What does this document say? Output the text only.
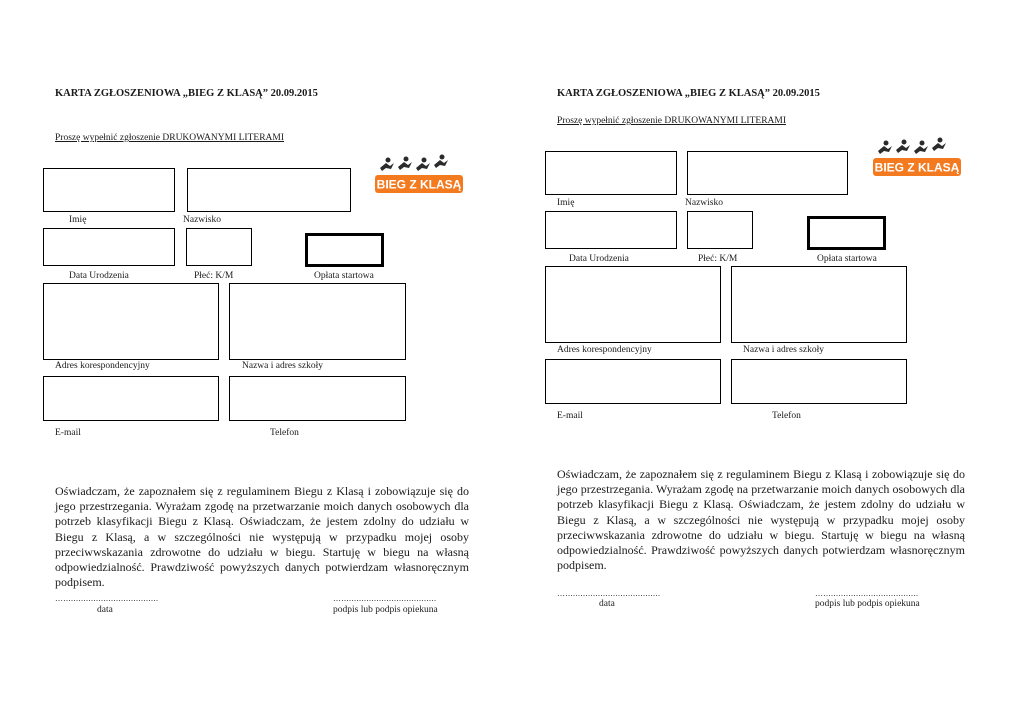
KARTA ZGŁOSZENIOWA „BIEG Z KLASĄ” 20.09.2015
Proszę wypełnić zgłoszenie DRUKOWANYMI LITERAMI
BIEG Z KLASĄ
Imię	Nazwisko
Data Urodzenia	Płeć: K/M	Opłata startowa
Adres korespondencyjny	Nazwa i adres szkoły
E-mail	Telefon
Oświadczam, że zapoznałem się z regulaminem Biegu z Klasą i zobowiązuje się do jego przestrzegania. Wyrażam zgodę na przetwarzanie moich danych osobowych dla potrzeb klasyfikacji Biegu z Klasą. Oświadczam, że jestem zdolny do udziału w Biegu z Klasą, a w szczególności nie występują w przypadku mojej osoby przeciwwskazania zdrowotne do udziału w biegu. Startuję w biegu na własną odpowiedzialność. Prawdziwość powyższych danych potwierdzam własnoręcznym podpisem.
…......................................	…......................................
data	podpis lub podpis opiekuna
KARTA ZGŁOSZENIOWA „BIEG Z KLASĄ” 20.09.2015
Proszę wypełnić zgłoszenie DRUKOWANYMI LITERAMI
BIEG Z KLASĄ
Imię	Nazwisko
Data Urodzenia	Płeć: K/M	Opłata startowa
Adres korespondencyjny	Nazwa i adres szkoły
E-mail	Telefon
Oświadczam, że zapoznałem się z regulaminem Biegu z Klasą i zobowiązuje się do jego przestrzegania. Wyrażam zgodę na przetwarzanie moich danych osobowych dla potrzeb klasyfikacji Biegu z Klasą. Oświadczam, że jestem zdolny do udziału w Biegu z Klasą, a w szczególności nie występują w przypadku mojej osoby przeciwwskazania zdrowotne do udziału w biegu. Startuję w biegu na własną odpowiedzialność. Prawdziwość powyższych danych potwierdzam własnoręcznym podpisem.
…......................................	…......................................
data	podpis lub podpis opiekuna
